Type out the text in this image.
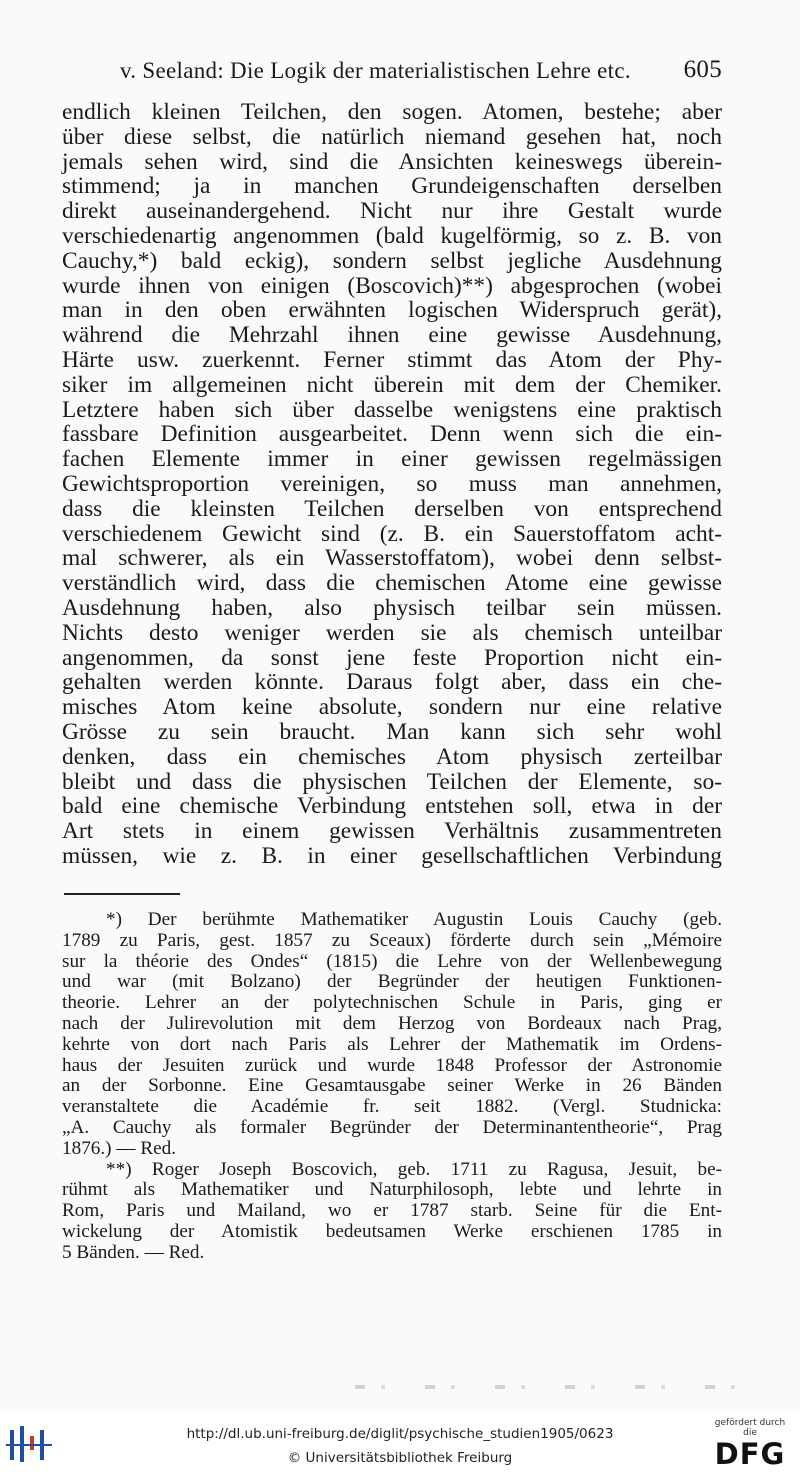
v. Seeland: Die Logik der materialistischen Lehre etc. 605
endlich kleinen Teilchen, den sogen. Atomen, bestehe; aber
über diese selbst, die natürlich niemand gesehen hat, noch
jemals sehen wird, sind die Ansichten keineswegs überein-
stimmend; ja in manchen Grundeigenschaften derselben
direkt auseinandergehend. Nicht nur ihre Gestalt wurde
verschiedenartig angenommen (bald kugelförmig, so z. B. von
Cauchy,*) bald eckig), sondern selbst jegliche Ausdehnung
wurde ihnen von einigen (Boscovich)**) abgesprochen (wobei
man in den oben erwähnten logischen Widerspruch gerät),
während die Mehrzahl ihnen eine gewisse Ausdehnung,
Härte usw. zuerkennt. Ferner stimmt das Atom der Phy-
siker im allgemeinen nicht überein mit dem der Chemiker.
Letztere haben sich über dasselbe wenigstens eine praktisch
fassbare Definition ausgearbeitet. Denn wenn sich die ein-
fachen Elemente immer in einer gewissen regelmässigen
Gewichtsproportion vereinigen, so muss man annehmen,
dass die kleinsten Teilchen derselben von entsprechend
verschiedenem Gewicht sind (z. B. ein Sauerstoffatom acht-
mal schwerer, als ein Wasserstoffatom), wobei denn selbst-
verständlich wird, dass die chemischen Atome eine gewisse
Ausdehnung haben, also physisch teilbar sein müssen.
Nichts desto weniger werden sie als chemisch unteilbar
angenommen, da sonst jene feste Proportion nicht ein-
gehalten werden könnte. Daraus folgt aber, dass ein che-
misches Atom keine absolute, sondern nur eine relative
Grösse zu sein braucht. Man kann sich sehr wohl
denken, dass ein chemisches Atom physisch zerteilbar
bleibt und dass die physischen Teilchen der Elemente, so-
bald eine chemische Verbindung entstehen soll, etwa in der
Art stets in einem gewissen Verhältnis zusammentreten
müssen, wie z. B. in einer gesellschaftlichen Verbindung
*) Der berühmte Mathematiker Augustin Louis Cauchy (geb.
1789 zu Paris, gest. 1857 zu Sceaux) förderte durch sein „Mémoire
sur la théorie des Ondes“ (1815) die Lehre von der Wellenbewegung
und war (mit Bolzano) der Begründer der heutigen Funktionen-
theorie. Lehrer an der polytechnischen Schule in Paris, ging er
nach der Julirevolution mit dem Herzog von Bordeaux nach Prag,
kehrte von dort nach Paris als Lehrer der Mathematik im Ordens-
haus der Jesuiten zurück und wurde 1848 Professor der Astronomie
an der Sorbonne. Eine Gesamtausgabe seiner Werke in 26 Bänden
veranstaltete die Académie fr. seit 1882. (Vergl. Studnicka:
„A. Cauchy als formaler Begründer der Determinantentheorie“, Prag
1876.) — Red.
**) Roger Joseph Boscovich, geb. 1711 zu Ragusa, Jesuit, be-
rühmt als Mathematiker und Naturphilosoph, lebte und lehrte in
Rom, Paris und Mailand, wo er 1787 starb. Seine für die Ent-
wickelung der Atomistik bedeutsamen Werke erschienen 1785 in
5 Bänden. — Red.
http://dl.ub.uni-freiburg.de/diglit/psychische_studien1905/0623
© Universitätsbibliothek Freiburg
gefördert durch die
DFG
